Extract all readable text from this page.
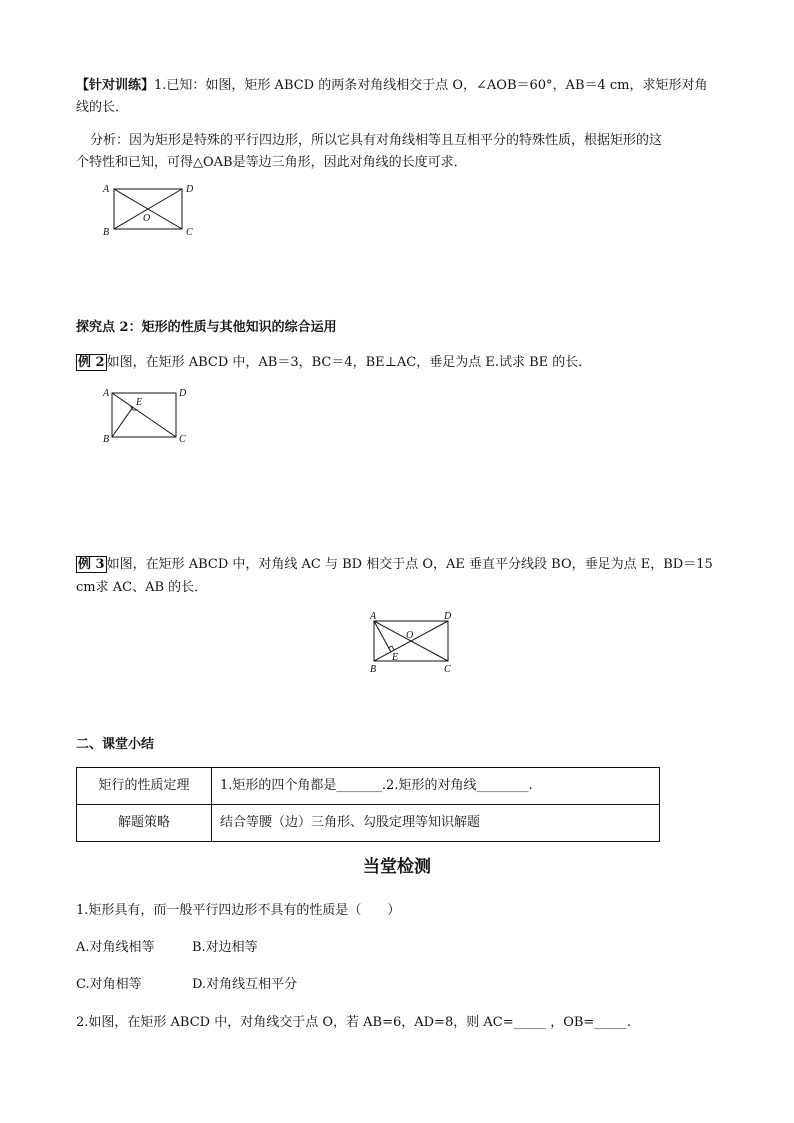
【针对训练】1.已知：如图，矩形 ABCD 的两条对角线相交于点 O，∠AOB＝60°，AB＝4 cm，求矩形对角
线的长．
分析：因为矩形是特殊的平行四边形，所以它具有对角线相等且互相平分的特殊性质，根据矩形的这
个特性和已知，可得△OAB是等边三角形，因此对角线的长度可求．
A
B	C
D
O
探究点 2：矩形的性质与其他知识的综合运用
例 2 如图，在矩形 ABCD 中，AB＝3，BC＝4，BE⊥AC，垂足为点 E.试求 BE 的长．
A
B	C
D
E
例 3 如图，在矩形 ABCD 中，对角线 AC 与 BD 相交于点 O，AE 垂直平分线段 BO，垂足为点 E，BD＝15
cm求 AC、AB 的长．
A
B	C
D
O
E
二、课堂小结
矩行的性质定理	1.矩形的四个角都是_______.2.矩形的对角线________.
解题策略	结合等腰（边）三角形、勾股定理等知识解题
当堂检测
1.矩形具有，而一般平行四边形不具有的性质是（　　）
A.对角线相等	B.对边相等
C.对角相等	D.对角线互相平分
2.如图，在矩形 ABCD 中，对角线交于点 O，若 AB=6，AD=8，则 AC=_____ ，OB=_____.
